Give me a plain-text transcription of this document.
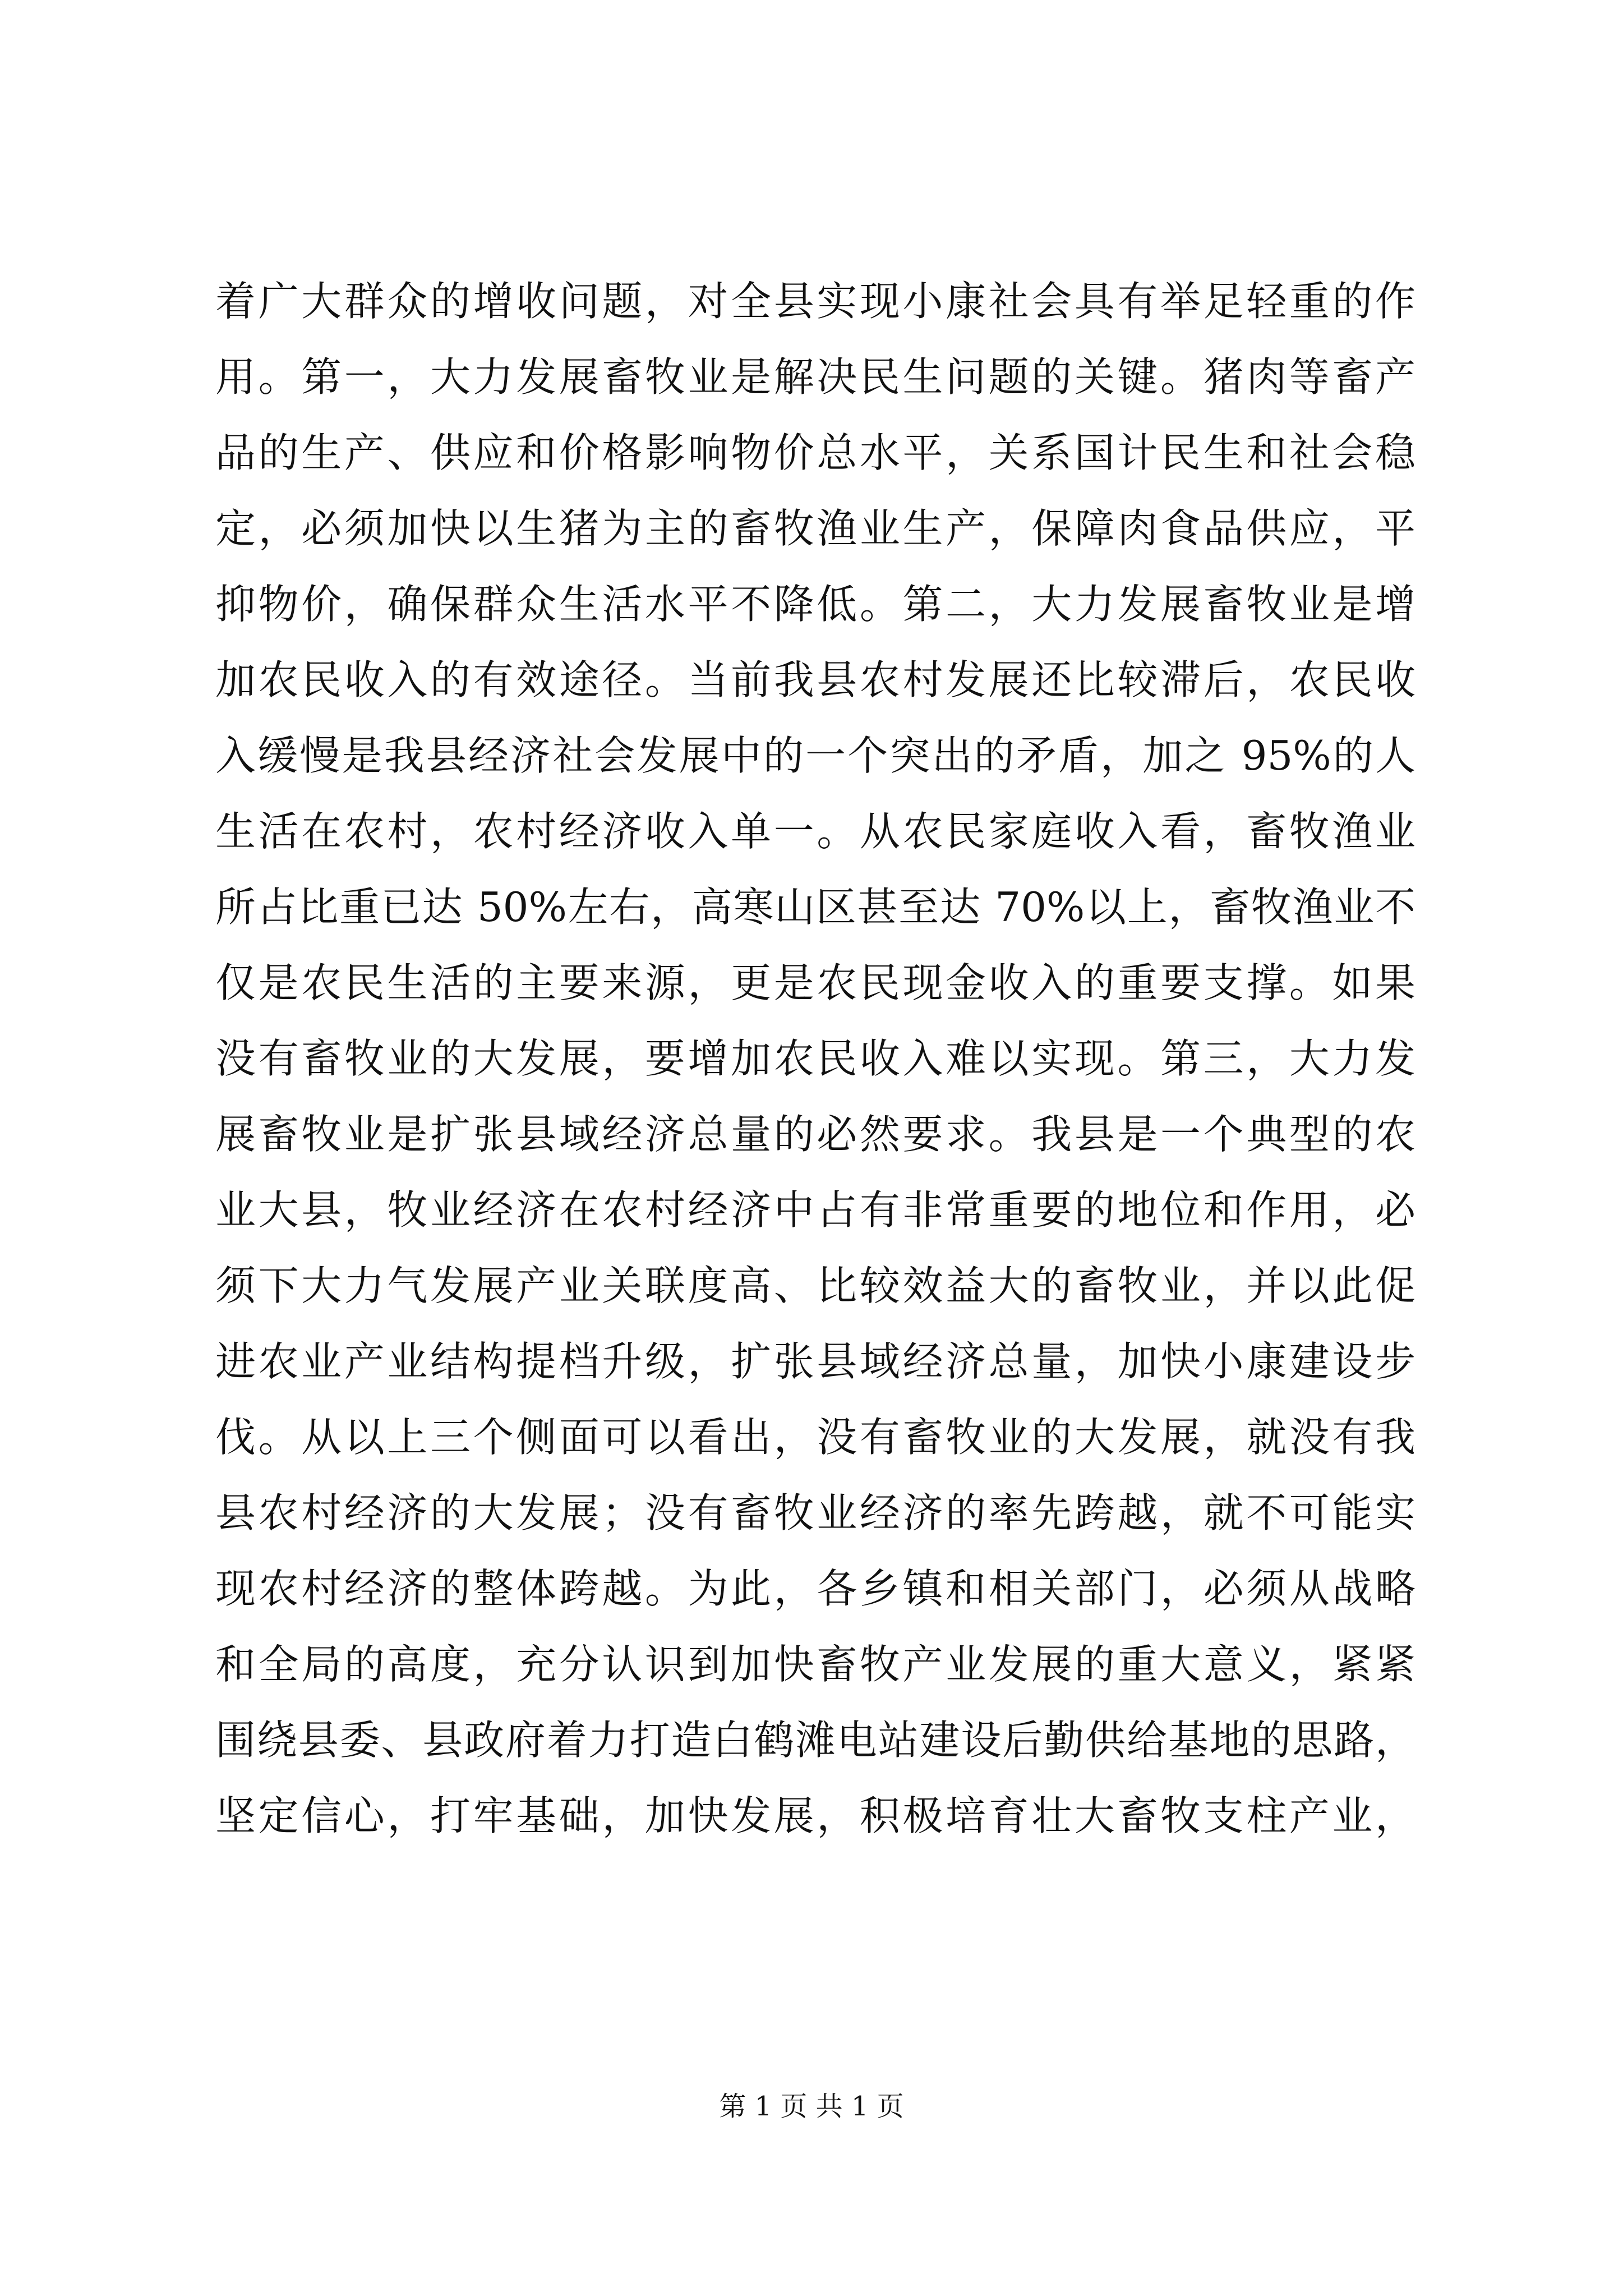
着广大群众的增收问题，对全县实现小康社会具有举足轻重的作
用。第一，大力发展畜牧业是解决民生问题的关键。猪肉等畜产
品的生产、供应和价格影响物价总水平，关系国计民生和社会稳
定，必须加快以生猪为主的畜牧渔业生产，保障肉食品供应，平
抑物价，确保群众生活水平不降低。第二，大力发展畜牧业是增
加农民收入的有效途径。当前我县农村发展还比较滞后，农民收
入缓慢是我县经济社会发展中的一个突出的矛盾，加之 95%的人
生活在农村，农村经济收入单一。从农民家庭收入看，畜牧渔业
所占比重已达 50%左右，高寒山区甚至达 70%以上，畜牧渔业不
仅是农民生活的主要来源，更是农民现金收入的重要支撑。如果
没有畜牧业的大发展，要增加农民收入难以实现。第三，大力发
展畜牧业是扩张县域经济总量的必然要求。我县是一个典型的农
业大县，牧业经济在农村经济中占有非常重要的地位和作用，必
须下大力气发展产业关联度高、比较效益大的畜牧业，并以此促
进农业产业结构提档升级，扩张县域经济总量，加快小康建设步
伐。从以上三个侧面可以看出，没有畜牧业的大发展，就没有我
县农村经济的大发展；没有畜牧业经济的率先跨越，就不可能实
现农村经济的整体跨越。为此，各乡镇和相关部门，必须从战略
和全局的高度，充分认识到加快畜牧产业发展的重大意义，紧紧
围绕县委、县政府着力打造白鹤滩电站建设后勤供给基地的思路，
坚定信心，打牢基础，加快发展，积极培育壮大畜牧支柱产业，
第 1 页 共 1 页
